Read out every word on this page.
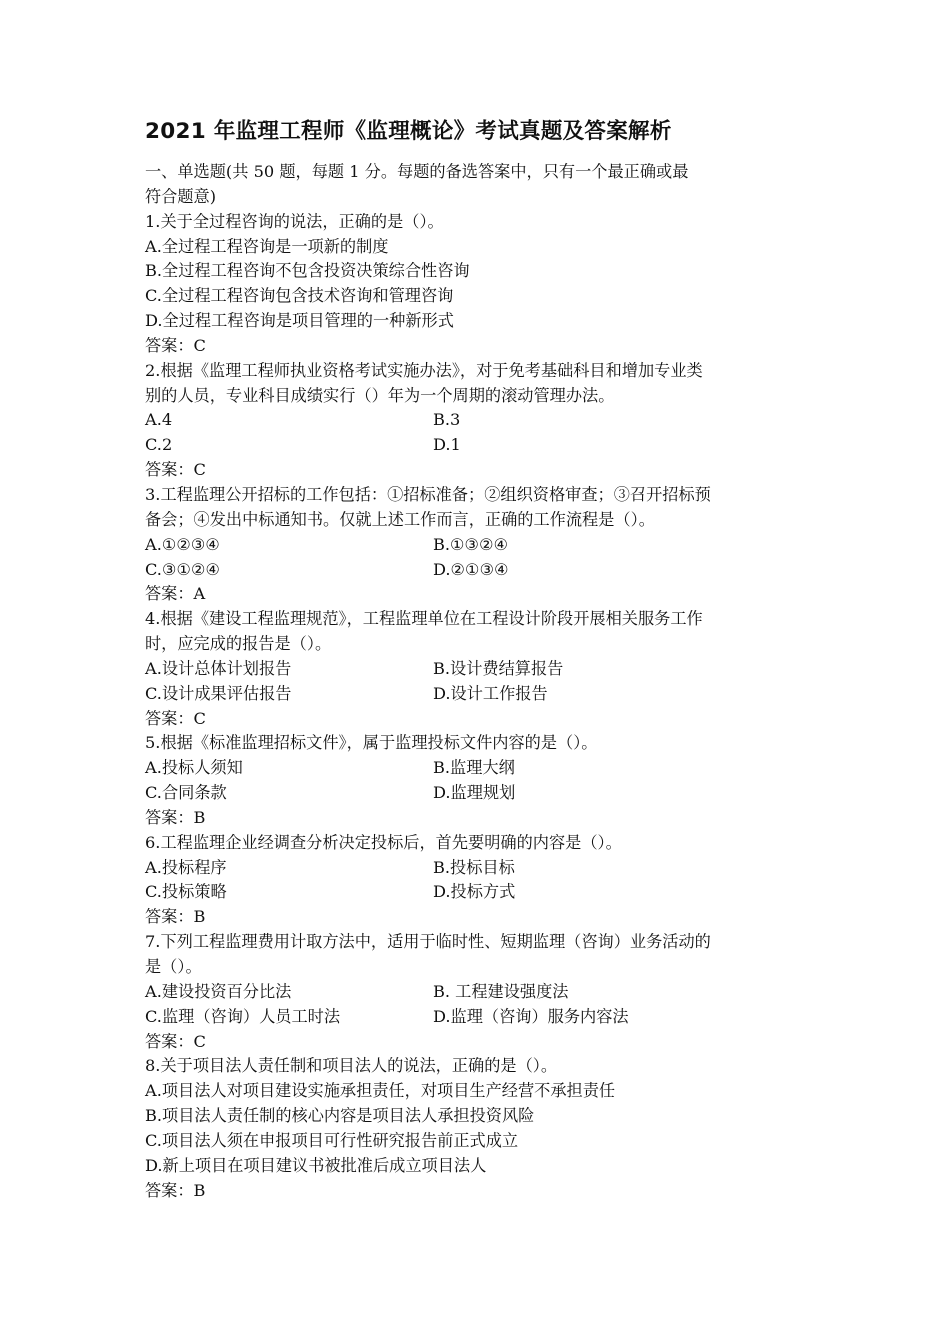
2021 年监理工程师《监理概论》考试真题及答案解析
一、单选题(共 50 题，每题 1 分。每题的备选答案中，只有一个最正确或最
符合题意)
1.关于全过程咨询的说法，正确的是（）。
A.全过程工程咨询是一项新的制度
B.全过程工程咨询不包含投资决策综合性咨询
C.全过程工程咨询包含技术咨询和管理咨询
D.全过程工程咨询是项目管理的一种新形式
答案：C
2.根据《监理工程师执业资格考试实施办法》，对于免考基础科目和增加专业类
别的人员，专业科目成绩实行（）年为一个周期的滚动管理办法。
A.4	B.3
C.2	D.1
答案：C
3.工程监理公开招标的工作包括：①招标准备；②组织资格审查；③召开招标预
备会；④发出中标通知书。仅就上述工作而言，正确的工作流程是（）。
A.①②③④	B.①③②④
C.③①②④	D.②①③④
答案：A
4.根据《建设工程监理规范》，工程监理单位在工程设计阶段开展相关服务工作
时，应完成的报告是（）。
A.设计总体计划报告	B.设计费结算报告
C.设计成果评估报告	D.设计工作报告
答案：C
5.根据《标准监理招标文件》，属于监理投标文件内容的是（）。
A.投标人须知	B.监理大纲
C.合同条款	D.监理规划
答案：B
6.工程监理企业经调查分析决定投标后，首先要明确的内容是（）。
A.投标程序	B.投标目标
C.投标策略	D.投标方式
答案：B
7.下列工程监理费用计取方法中，适用于临时性、短期监理（咨询）业务活动的
是（）。
A.建设投资百分比法	B. 工程建设强度法
C.监理（咨询）人员工时法	D.监理（咨询）服务内容法
答案：C
8.关于项目法人责任制和项目法人的说法，正确的是（）。
A.项目法人对项目建设实施承担责任，对项目生产经营不承担责任
B.项目法人责任制的核心内容是项目法人承担投资风险
C.项目法人须在申报项目可行性研究报告前正式成立
D.新上项目在项目建议书被批准后成立项目法人
答案：B
